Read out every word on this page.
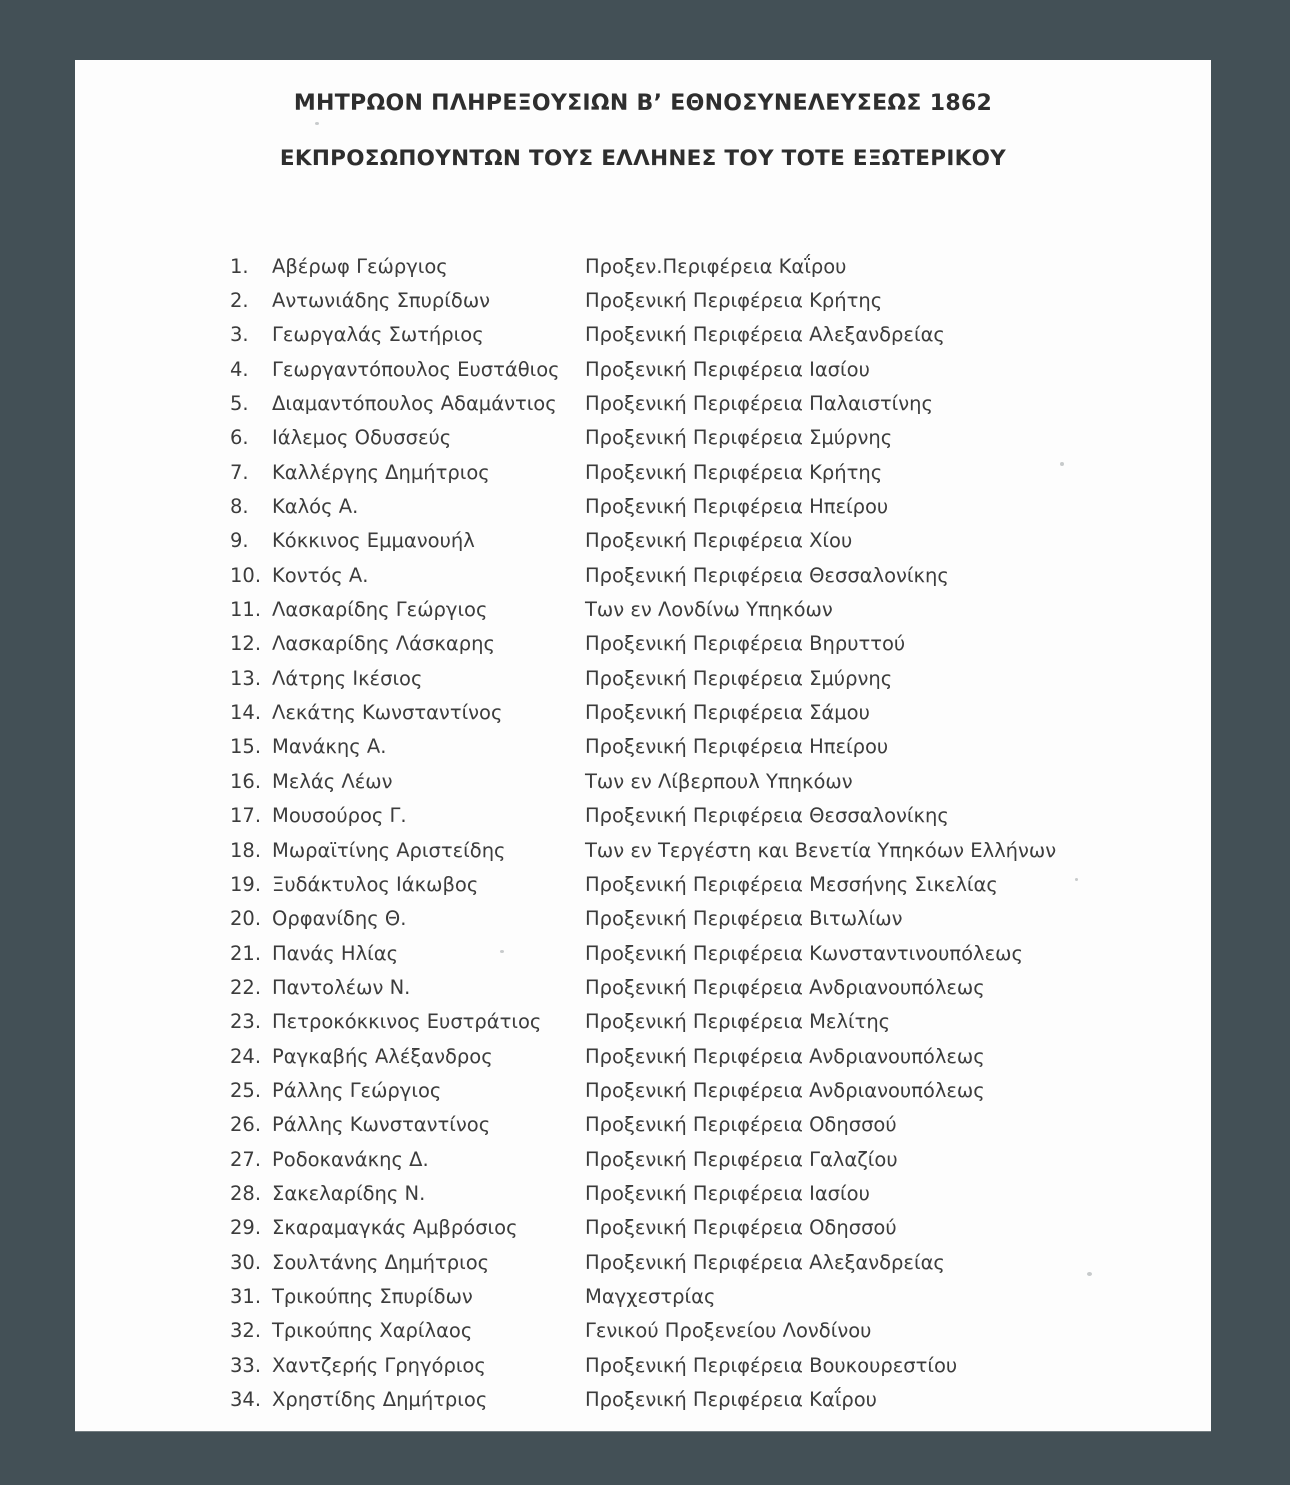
ΜΗΤΡΩΟΝ ΠΛΗΡΕΞΟΥΣΙΩΝ Β’ ΕΘΝΟΣΥΝΕΛΕΥΣΕΩΣ 1862
ΕΚΠΡΟΣΩΠΟΥΝΤΩΝ ΤΟΥΣ ΕΛΛΗΝΕΣ ΤΟΥ ΤΟΤΕ ΕΞΩΤΕΡΙΚΟΥ
1.	Αβέρωφ Γεώργιος	Προξεν.Περιφέρεια Καΐρου
2.	Αντωνιάδης Σπυρίδων	Προξενική Περιφέρεια Κρήτης
3.	Γεωργαλάς Σωτήριος	Προξενική Περιφέρεια Αλεξανδρείας
4.	Γεωργαντόπουλος Ευστάθιος	Προξενική Περιφέρεια Ιασίου
5.	Διαμαντόπουλος Αδαμάντιος	Προξενική Περιφέρεια Παλαιστίνης
6.	Ιάλεμος Οδυσσεύς	Προξενική Περιφέρεια Σμύρνης
7.	Καλλέργης Δημήτριος	Προξενική Περιφέρεια Κρήτης
8.	Καλός Α.	Προξενική Περιφέρεια Ηπείρου
9.	Κόκκινος Εμμανουήλ	Προξενική Περιφέρεια Χίου
10. Κοντός Α.	Προξενική Περιφέρεια Θεσσαλονίκης
11. Λασκαρίδης Γεώργιος	Των εν Λονδίνω Υπηκόων
12. Λασκαρίδης Λάσκαρης	Προξενική Περιφέρεια Βηρυττού
13. Λάτρης Ικέσιος	Προξενική Περιφέρεια Σμύρνης
14. Λεκάτης Κωνσταντίνος	Προξενική Περιφέρεια Σάμου
15. Μανάκης Α.	Προξενική Περιφέρεια Ηπείρου
16. Μελάς Λέων	Των εν Λίβερπουλ Υπηκόων
17. Μουσούρος Γ.	Προξενική Περιφέρεια Θεσσαλονίκης
18. Μωραϊτίνης Αριστείδης	Των εν Τεργέστη και Βενετία Υπηκόων Ελλήνων
19. Ξυδάκτυλος Ιάκωβος	Προξενική Περιφέρεια Μεσσήνης Σικελίας
20. Ορφανίδης Θ.	Προξενική Περιφέρεια Βιτωλίων
21. Πανάς Ηλίας	Προξενική Περιφέρεια Κωνσταντινουπόλεως
22. Παντολέων Ν.	Προξενική Περιφέρεια Ανδριανουπόλεως
23. Πετροκόκκινος Ευστράτιος	Προξενική Περιφέρεια Μελίτης
24. Ραγκαβής Αλέξανδρος	Προξενική Περιφέρεια Ανδριανουπόλεως
25. Ράλλης Γεώργιος	Προξενική Περιφέρεια Ανδριανουπόλεως
26. Ράλλης Κωνσταντίνος	Προξενική Περιφέρεια Οδησσού
27. Ροδοκανάκης Δ.	Προξενική Περιφέρεια Γαλαζίου
28. Σακελαρίδης Ν.	Προξενική Περιφέρεια Ιασίου
29. Σκαραμαγκάς Αμβρόσιος	Προξενική Περιφέρεια Οδησσού
30. Σουλτάνης Δημήτριος	Προξενική Περιφέρεια Αλεξανδρείας
31. Τρικούπης Σπυρίδων	Μαγχεστρίας
32. Τρικούπης Χαρίλαος	Γενικού Προξενείου Λονδίνου
33. Χαντζερής Γρηγόριος	Προξενική Περιφέρεια Βουκουρεστίου
34. Χρηστίδης Δημήτριος	Προξενική Περιφέρεια Καΐρου
